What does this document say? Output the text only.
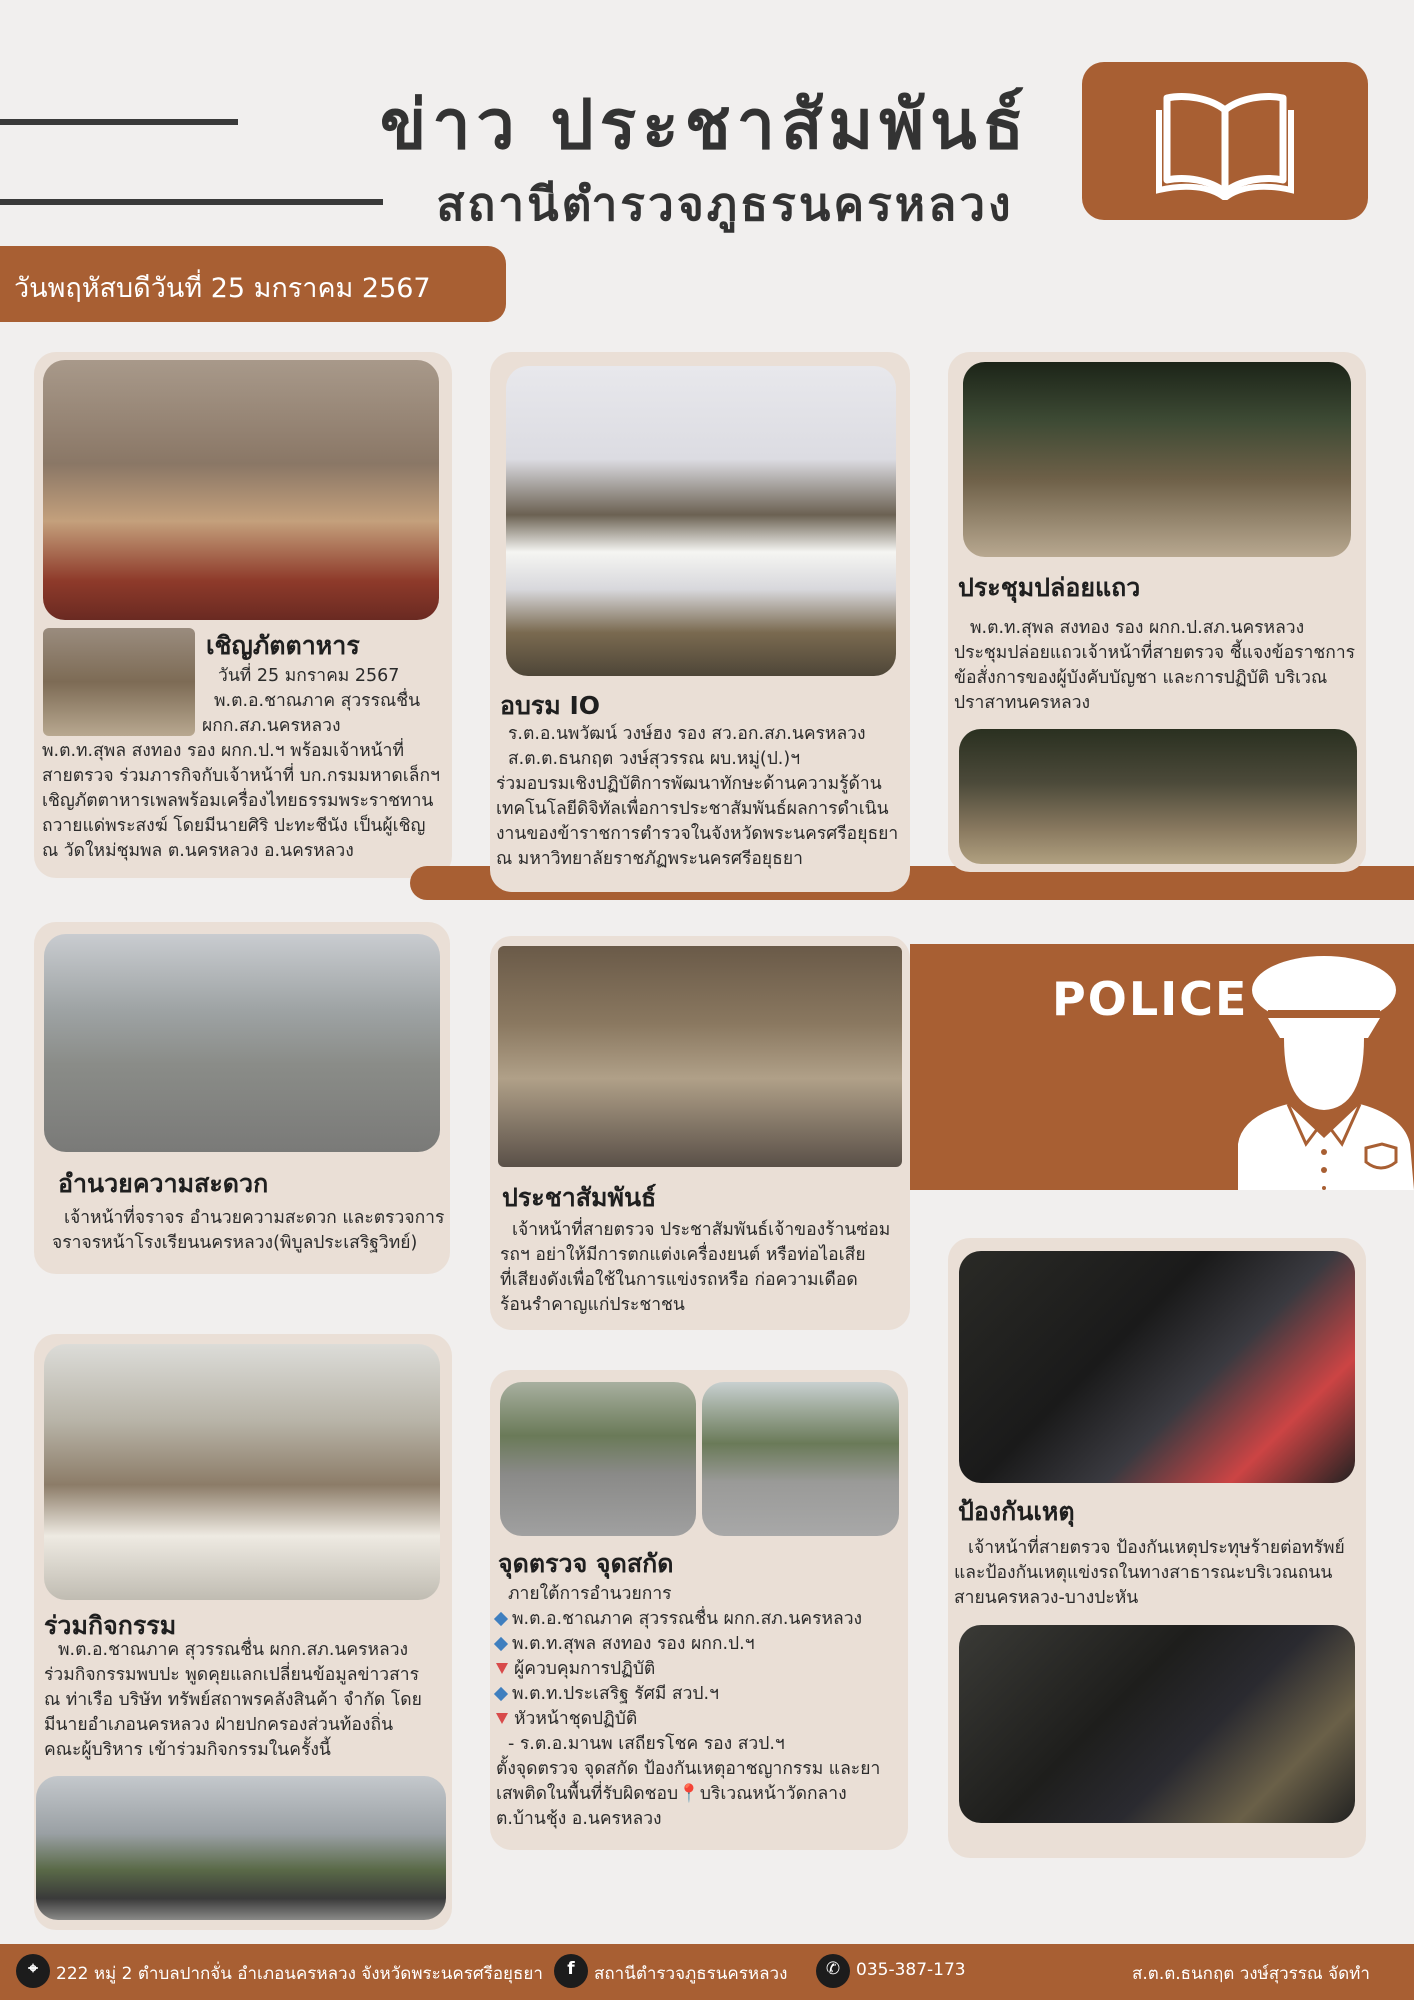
ข่าว ประชาสัมพันธ์
สถานีตำรวจภูธรนครหลวง
วันพฤหัสบดีวันที่ 25 มกราคม 2567
เชิญภัตตาหาร
วันที่ 25 มกราคม 2567
พ.ต.อ.ชาณภาค สุวรรณชื่น
ผกก.สภ.นครหลวง
พ.ต.ท.สุพล สงทอง รอง ผกก.ป.ฯ พร้อมเจ้าหน้าที่
สายตรวจ ร่วมภารกิจกับเจ้าหน้าที่ บก.กรมมหาดเล็กฯ
เชิญภัตตาหารเพลพร้อมเครื่องไทยธรรมพระราชทาน
ถวายแด่พระสงฆ์ โดยมีนายศิริ ปะทะชีนัง เป็นผู้เชิญ
ณ วัดใหม่ชุมพล ต.นครหลวง อ.นครหลวง
อบรม IO
ร.ต.อ.นพวัฒน์ วงษ์ฮง รอง สว.อก.สภ.นครหลวง
ส.ต.ต.ธนกฤต วงษ์สุวรรณ ผบ.หมู่(ป.)ฯ
ร่วมอบรมเชิงปฏิบัติการพัฒนาทักษะด้านความรู้ด้าน
เทคโนโลยีดิจิทัลเพื่อการประชาสัมพันธ์ผลการดำเนิน
งานของข้าราชการตำรวจในจังหวัดพระนครศรีอยุธยา
ณ มหาวิทยาลัยราชภัฏพระนครศรีอยุธยา
ประชุมปล่อยแถว
พ.ต.ท.สุพล สงทอง รอง ผกก.ป.สภ.นครหลวง
ประชุมปล่อยแถวเจ้าหน้าที่สายตรวจ ชี้แจงข้อราชการ
ข้อสั่งการของผู้บังคับบัญชา และการปฏิบัติ บริเวณ
ปราสาทนครหลวง
อำนวยความสะดวก
เจ้าหน้าที่จราจร อำนวยความสะดวก และตรวจการ
จราจรหน้าโรงเรียนนครหลวง(พิบูลประเสริฐวิทย์)
POLICE
ประชาสัมพันธ์
เจ้าหน้าที่สายตรวจ ประชาสัมพันธ์เจ้าของร้านซ่อม
รถฯ อย่าให้มีการตกแต่งเครื่องยนต์ หรือท่อไอเสีย
ที่เสียงดังเพื่อใช้ในการแข่งรถหรือ ก่อความเดือด
ร้อนรำคาญแก่ประชาชน
ร่วมกิจกรรม
พ.ต.อ.ชาณภาค สุวรรณชื่น ผกก.สภ.นครหลวง
ร่วมกิจกรรมพบปะ พูดคุยแลกเปลี่ยนข้อมูลข่าวสาร
ณ ท่าเรือ บริษัท ทรัพย์สถาพรคลังสินค้า จำกัด โดย
มีนายอำเภอนครหลวง ฝ่ายปกครองส่วนท้องถิ่น
คณะผู้บริหาร เข้าร่วมกิจกรรมในครั้งนี้
จุดตรวจ จุดสกัด
ภายใต้การอำนวยการ
พ.ต.อ.ชาณภาค สุวรรณชื่น ผกก.สภ.นครหลวง
พ.ต.ท.สุพล สงทอง รอง ผกก.ป.ฯ
ผู้ควบคุมการปฏิบัติ
พ.ต.ท.ประเสริฐ รัศมี สวป.ฯ
หัวหน้าชุดปฏิบัติ
- ร.ต.อ.มานพ เสถียรโชค รอง สวป.ฯ
ตั้งจุดตรวจ จุดสกัด ป้องกันเหตุอาชญากรรม และยา
เสพติดในพื้นที่รับผิดชอบ📍บริเวณหน้าวัดกลาง
ต.บ้านชุ้ง อ.นครหลวง
ป้องกันเหตุ
เจ้าหน้าที่สายตรวจ ป้องกันเหตุประทุษร้ายต่อทรัพย์
และป้องกันเหตุแข่งรถในทางสาธารณะบริเวณถนน
สายนครหลวง-บางปะหัน
⌖	222 หมู่ 2 ตำบลปากจั่น อำเภอนครหลวง จังหวัดพระนครศรีอยุธยา	f	สถานีตำรวจภูธรนครหลวง	✆ 035-387-173	ส.ต.ต.ธนกฤต วงษ์สุวรรณ จัดทำ
